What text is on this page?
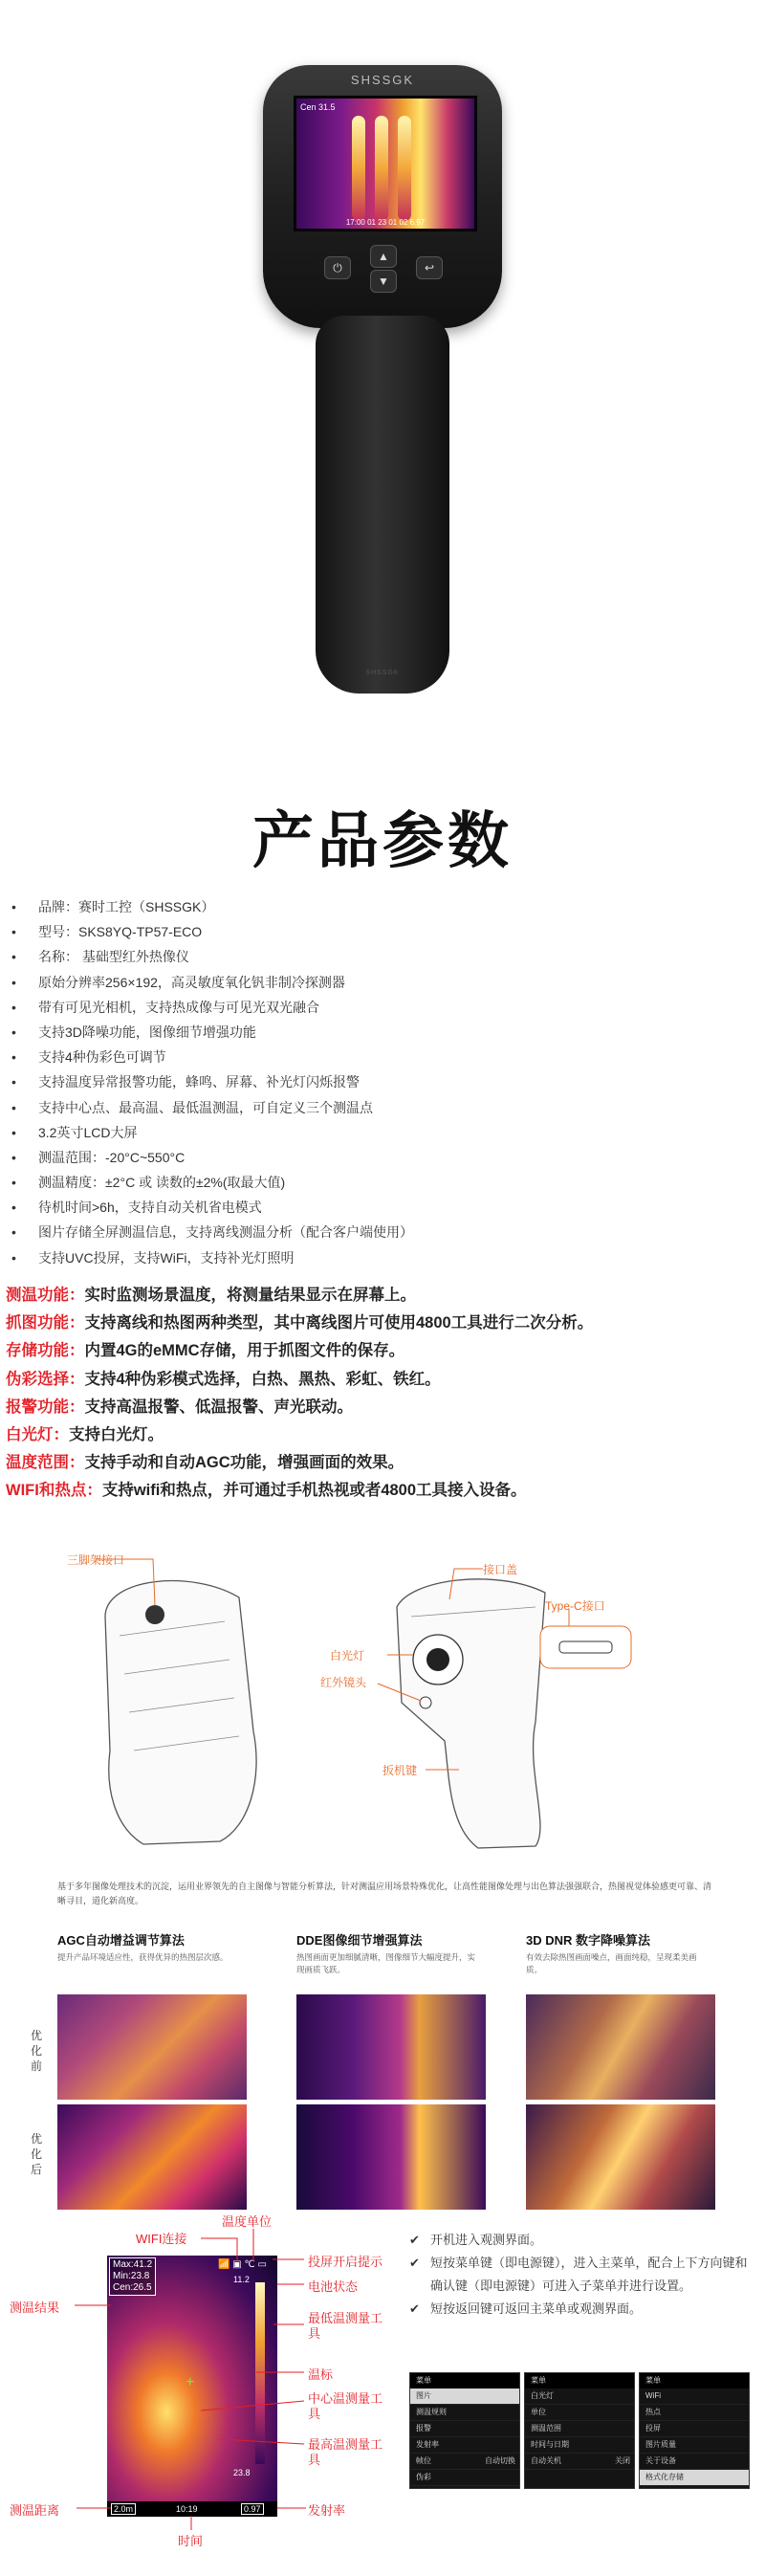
SHSSGK
Cen 31.5
17:00 01 23 01 02 6.97
⏻
▲
↩
▼
SHSSGK
产品参数
• 品牌：赛时工控（SHSSGK）
• 型号：SKS8YQ-TP57-ECO
• 名称： 基础型红外热像仪
• 原始分辨率256×192，高灵敏度氧化钒非制冷探测器
• 带有可见光相机，支持热成像与可见光双光融合
• 支持3D降噪功能，图像细节增强功能
• 支持4种伪彩色可调节
• 支持温度异常报警功能，蜂鸣、屏幕、补光灯闪烁报警
• 支持中心点、最高温、最低温测温，可自定义三个测温点
• 3.2英寸LCD大屏
• 测温范围：-20°C~550°C
• 测温精度：±2°C 或 读数的±2%(取最大值)
• 待机时间>6h，支持自动关机省电模式
• 图片存储全屏测温信息，支持离线测温分析（配合客户端使用）
• 支持UVC投屏，支持WiFi，支持补光灯照明
测温功能：实时监测场景温度，将测量结果显示在屏幕上。
抓图功能：支持离线和热图两种类型，其中离线图片可使用4800工具进行二次分析。
存储功能：内置4G的eMMC存储，用于抓图文件的保存。
伪彩选择：支持4种伪彩模式选择，白热、黑热、彩虹、铁红。
报警功能：支持高温报警、低温报警、声光联动。
白光灯：支持白光灯。
温度范围：支持手动和自动AGC功能，增强画面的效果。
WIFI和热点：支持wifi和热点，并可通过手机热视或者4800工具接入设备。
三脚架接口
接口盖
Type-C接口
白光灯
红外镜头
扳机键
基于多年图像处理技术的沉淀，运用业界领先的自主图像与智能分析算法，针对测温应用场景特殊优化，让高性能图像处理与出色算法强强联合，热图视觉体验感更可靠、清晰寻目，道化新高度。
AGC自动增益调节算法	DDE图像细节增强算法	3D DNR 数字降噪算法
提升产品环境适应性，获得优异的热图层次感。	热图画面更加细腻清晰，图像细节大幅度提升，实现画质飞跃。
有效去除热图画面噪点，画面纯稳，呈现柔美画质。
优化前
优化后
Max:41.2
Min:23.8
Cen:26.5
📶 ▣ ℃ ▭
11.2
23.8
+
2.0m	10:19	0.97
WIFI连接
温度单位
投屏开启提示
测温结果
电池状态
最低温测量工具
温标
中心温测量工具
最高温测量工具
测温距离
时间
发射率
✔ 开机进入观测界面。
✔ 短按菜单键（即电源键），进入主菜单，配合上下方向键和确认键（即电源键）可进入子菜单并进行设置。
✔ 短按返回键可返回主菜单或观测界面。
菜单
图片
测温规则
报警
发射率
帧位	自动切换
伪彩
菜单
白光灯
单位
测温范围
时间与日期
自动关机	关闭
菜单
WiFi
热点
投屏
图片质量
关于设备
格式化存储
